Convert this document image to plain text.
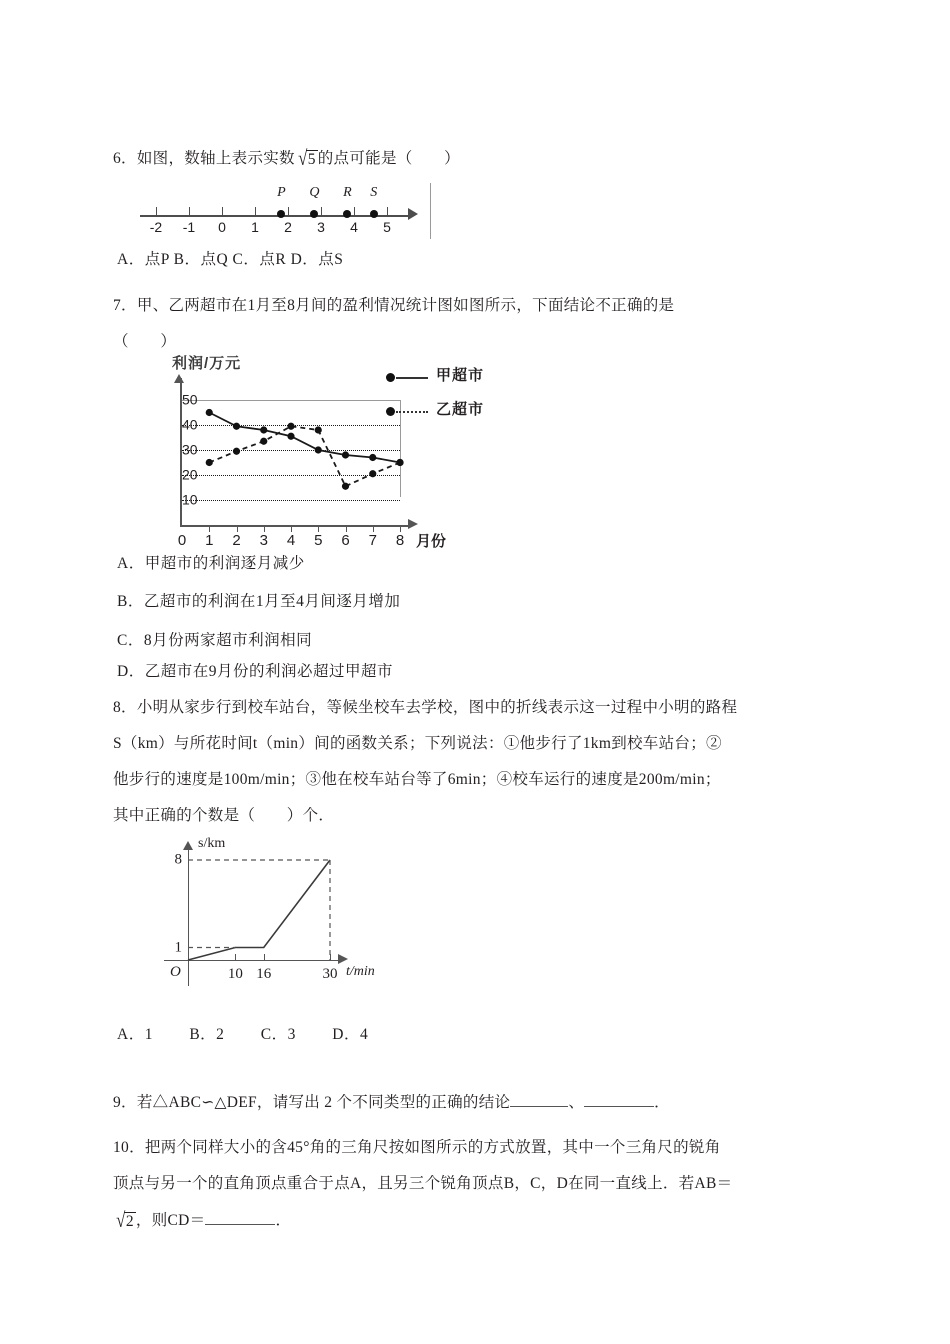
6．如图，数轴上表示实数 √5 的点可能是（　　）
-2 -1 0 1 2 3 4 5
P Q R S
A．点P B．点Q C．点R D．点S
7．甲、乙两超市在1月至8月间的盈利情况统计图如图所示，下面结论不正确的是
（　　）
利润/万元
10
20
30
40
50
0 1 2 3 4 5 6 7 8 月份
甲超市
乙超市
A．甲超市的利润逐月减少
B．乙超市的利润在1月至4月间逐月增加
C．8月份两家超市利润相同
D．乙超市在9月份的利润必超过甲超市
8．小明从家步行到校车站台，等候坐校车去学校，图中的折线表示这一过程中小明的路程
S（km）与所花时间t（min）间的函数关系；下列说法：①他步行了1km到校车站台；②
他步行的速度是100m/min；③他在校车站台等了6min；④校车运行的速度是200m/min；
其中正确的个数是（　　）个．
s/km
t/min
O
1
8
10 16	30
A．1　　 B．2　　 C．3　　 D．4
9．若△ABC∽△DEF，请写出 2 个不同类型的正确的结论	、	．
10．把两个同样大小的含45°角的三角尺按如图所示的方式放置，其中一个三角尺的锐角
顶点与另一个的直角顶点重合于点A，且另三个锐角顶点B，C，D在同一直线上．若AB＝
√2 ，则CD＝	．
